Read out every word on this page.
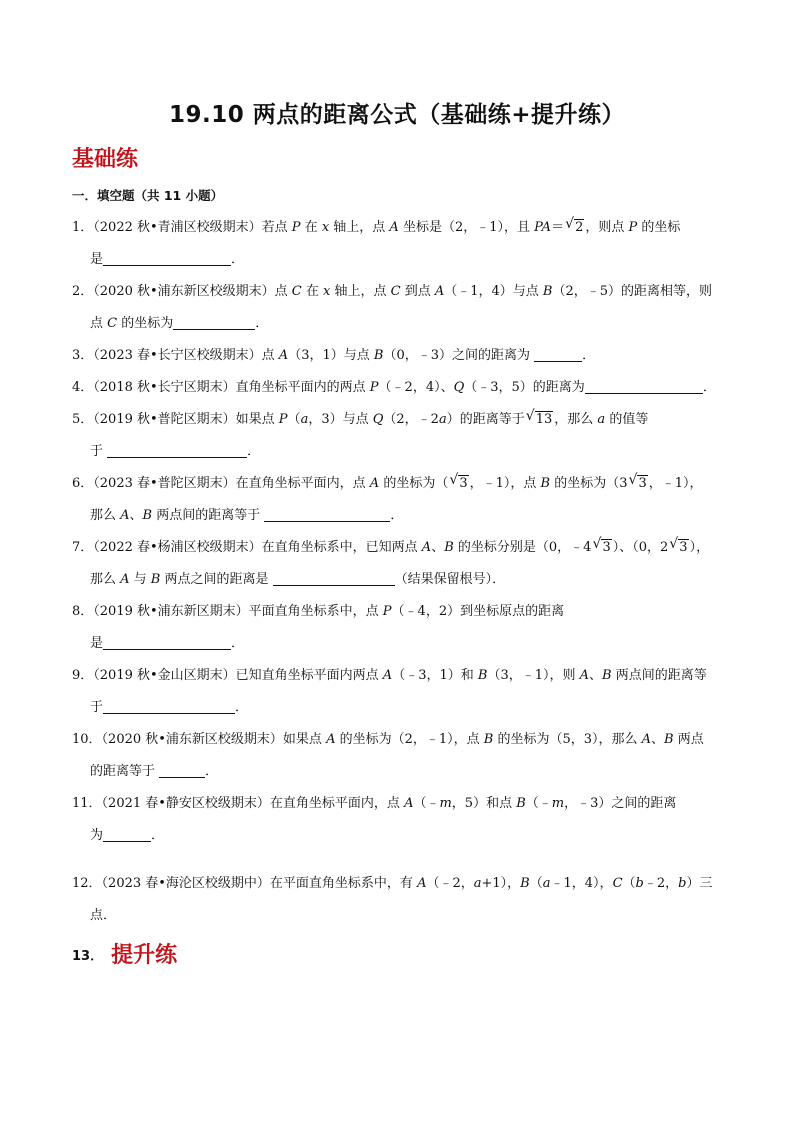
19.10 两点的距离公式（基础练+提升练）
基础练
一．填空题（共 11 小题）
1．（2022 秋•青浦区校级期末）若点 P 在 x 轴上，点 A 坐标是（2，﹣1），且 PA＝ √ 2 ，则点 P 的坐标
是	．
2．（2020 秋•浦东新区校级期末）点 C 在 x 轴上，点 C 到点 A（﹣1，4）与点 B（2，﹣5）的距离相等，则
点 C 的坐标为	．
3．（2023 春•长宁区校级期末）点 A（3，1）与点 B（0，﹣3）之间的距离为	．
4．（2018 秋•长宁区期末）直角坐标平面内的两点 P（﹣2，4）、Q（﹣3，5）的距离为	．
5．（2019 秋•普陀区期末）如果点 P（a，3）与点 Q（2，﹣2a）的距离等于 √ 13 ，那么 a 的值等
于	．
6．（2023 春•普陀区期末）在直角坐标平面内，点 A 的坐标为（ √ 3 ，﹣1），点 B 的坐标为（3 √ 3 ，﹣1），
那么 A、B 两点间的距离等于	．
7．（2022 春•杨浦区校级期末）在直角坐标系中，已知两点 A、B 的坐标分别是（0，﹣4 √ 3 ）、（0，2 √ 3 ），
那么 A 与 B 两点之间的距离是	（结果保留根号）．
8．（2019 秋•浦东新区期末）平面直角坐标系中，点 P（﹣4，2）到坐标原点的距离
是	．
9．（2019 秋•金山区期末）已知直角坐标平面内两点 A（﹣3，1）和 B（3，﹣1），则 A、B 两点间的距离等
于	．
10．（2020 秋•浦东新区校级期末）如果点 A 的坐标为（2，﹣1），点 B 的坐标为（5，3），那么 A、B 两点
的距离等于	．
11．（2021 春•静安区校级期末）在直角坐标平面内，点 A（﹣m，5）和点 B（﹣m，﹣3）之间的距离
为	．
12．（2023 春•海沦区校级期中）在平面直角坐标系中，有 A（﹣2，a+1），B（a﹣1，4），C（b﹣2，b）三
点．
13． 提升练
